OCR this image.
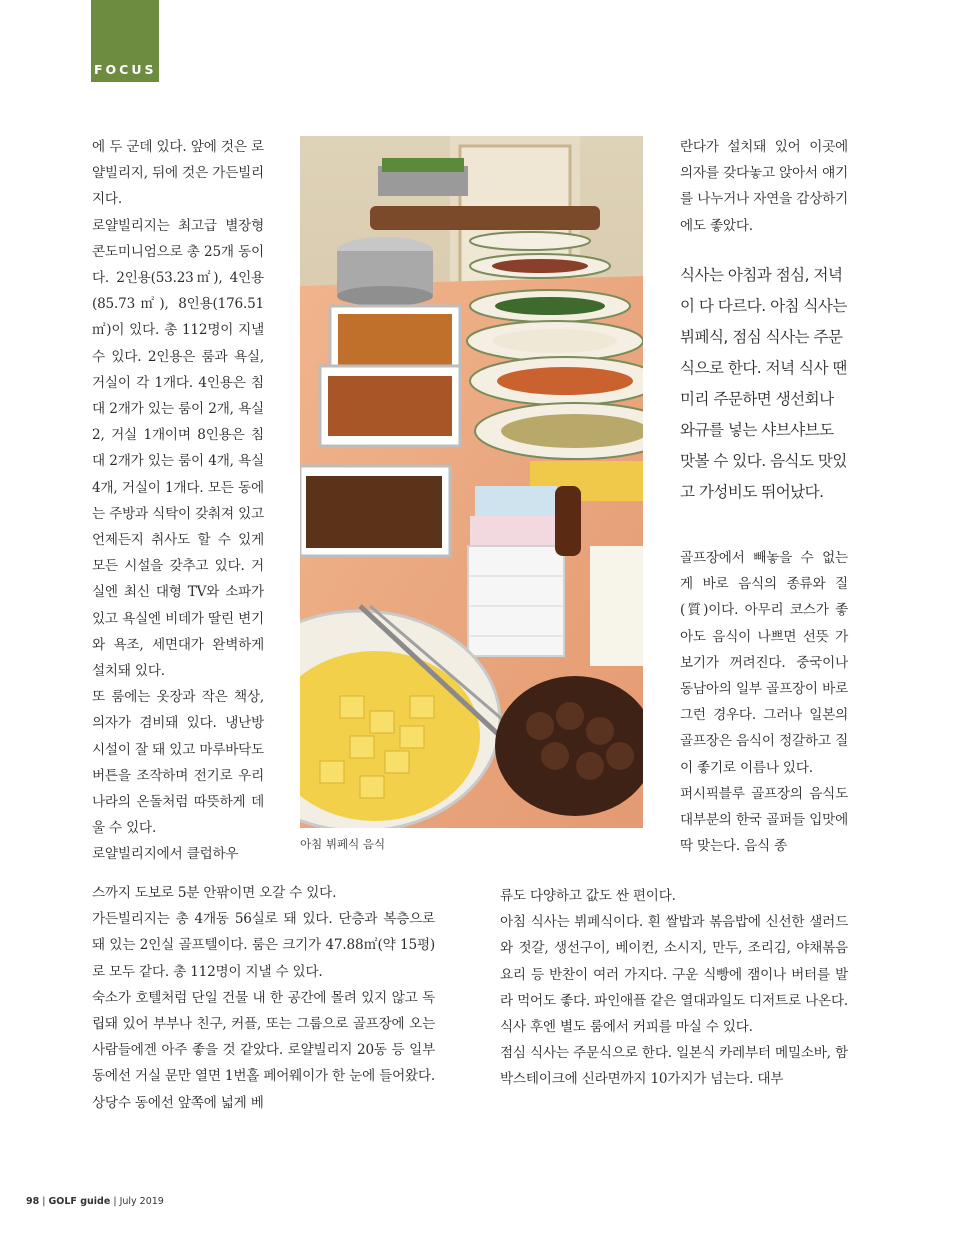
FOCUS

에 두 군데 있다. 앞에 것은 로얄빌리지, 뒤에 것은 가든빌리지다.

로얄빌리지는 최고급 별장형 콘도미니엄으로 총 25개 동이다. 2인용(53.23㎡), 4인용(85.73㎡), 8인용(176.51㎡)이 있다. 총 112명이 지낼 수 있다. 2인용은 룸과 욕실, 거실이 각 1개다. 4인용은 침대 2개가 있는 룸이 2개, 욕실 2, 거실 1개이며 8인용은 침대 2개가 있는 룸이 4개, 욕실 4개, 거실이 1개다. 모든 동에는 주방과 식탁이 갖춰져 있고 언제든지 취사도 할 수 있게 모든 시설을 갖추고 있다. 거실엔 최신 대형 TV와 소파가 있고 욕실엔 비데가 딸린 변기와 욕조, 세면대가 완벽하게 설치돼 있다.

또 룸에는 옷장과 작은 책상, 의자가 겸비돼 있다. 냉난방 시설이 잘 돼 있고 마루바닥도 버튼을 조작하며 전기로 우리나라의 온돌처럼 따뜻하게 데울 수 있다.

로얄빌리지에서 클럽하우

아침 뷔페식 음식

란다가 설치돼 있어 이곳에 의자를 갖다놓고 앉아서 얘기를 나누거나 자연을 감상하기에도 좋았다.

식사는 아침과 점심, 저녁이 다 다르다. 아침 식사는 뷔페식, 점심 식사는 주문식으로 한다. 저녁 식사 땐 미리 주문하면 생선회나 와규를 넣는 샤브샤브도 맛볼 수 있다. 음식도 맛있고 가성비도 뛰어났다.

골프장에서 빼놓을 수 없는 게 바로 음식의 종류와 질(質)이다. 아무리 코스가 좋아도 음식이 나쁘면 선뜻 가보기가 꺼려진다. 중국이나 동남아의 일부 골프장이 바로 그런 경우다. 그러나 일본의 골프장은 음식이 정갈하고 질이 좋기로 이름나 있다.

퍼시픽블루 골프장의 음식도 대부분의 한국 골퍼들 입맛에 딱 맞는다. 음식 종

스까지 도보로 5분 안팎이면 오갈 수 있다.

가든빌리지는 총 4개동 56실로 돼 있다. 단층과 복층으로 돼 있는 2인실 골프텔이다. 룸은 크기가 47.88㎡(약 15평)로 모두 같다. 총 112명이 지낼 수 있다.

숙소가 호텔처럼 단일 건물 내 한 공간에 몰려 있지 않고 독립돼 있어 부부나 친구, 커플, 또는 그룹으로 골프장에 오는 사람들에겐 아주 좋을 것 같았다. 로얄빌리지 20동 등 일부 동에선 거실 문만 열면 1번홀 페어웨이가 한 눈에 들어왔다. 상당수 동에선 앞쪽에 넓게 베

류도 다양하고 값도 싼 편이다.

아침 식사는 뷔페식이다. 흰 쌀밥과 볶음밥에 신선한 샐러드와 젓갈, 생선구이, 베이컨, 소시지, 만두, 조리김, 야채볶음요리 등 반찬이 여러 가지다. 구운 식빵에 잼이나 버터를 발라 먹어도 좋다. 파인애플 같은 열대과일도 디저트로 나온다. 식사 후엔 별도 룸에서 커피를 마실 수 있다.

점심 식사는 주문식으로 한다. 일본식 카레부터 메밀소바, 함박스테이크에 신라면까지 10가지가 넘는다. 대부

98 | GOLF guide | July 2019
